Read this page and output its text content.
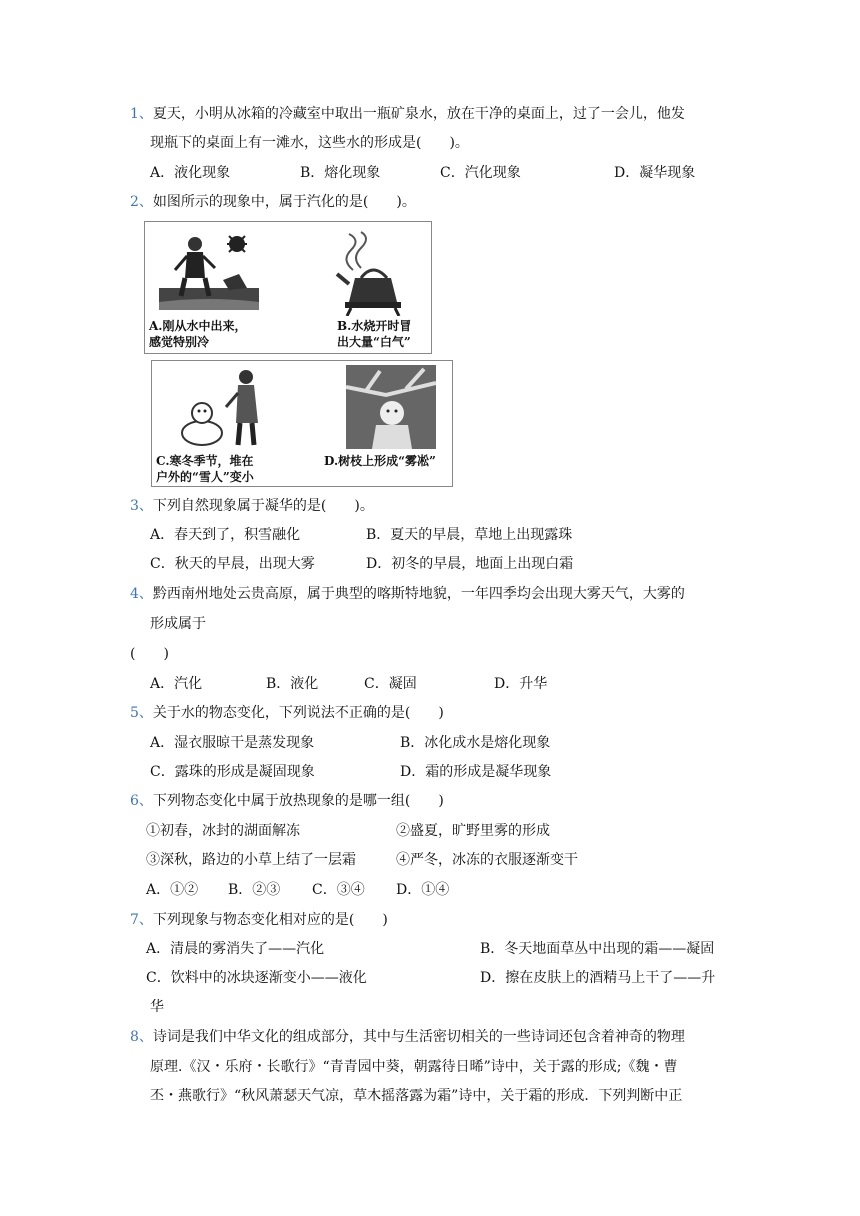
1、夏天，小明从冰箱的冷藏室中取出一瓶矿泉水，放在干净的桌面上，过了一会儿，他发
现瓶下的桌面上有一滩水，这些水的形成是(　　)。
A．液化现象	B．熔化现象	C．汽化现象	D．凝华现象
2、如图所示的现象中，属于汽化的是(　　)。
A.刚从水中出来，
感觉特别冷
B.水烧开时冒
出大量“白气”
C.寒冬季节，堆在
户外的“雪人”变小
D.树枝上形成“雾凇”
3、下列自然现象属于凝华的是(　　)。
A．春天到了，积雪融化	B．夏天的早晨，草地上出现露珠
C．秋天的早晨，出现大雾	D．初冬的早晨，地面上出现白霜
4、黔西南州地处云贵高原，属于典型的喀斯特地貌，一年四季均会出现大雾天气，大雾的
形成属于
(　　)
A．汽化	B．液化	C．凝固	D．升华
5、关于水的物态变化，下列说法不正确的是(　　)
A．湿衣服晾干是蒸发现象	B．冰化成水是熔化现象
C．露珠的形成是凝固现象	D．霜的形成是凝华现象
6、下列物态变化中属于放热现象的是哪一组(　　)
①初春，冰封的湖面解冻	②盛夏，旷野里雾的形成
③深秋，路边的小草上结了一层霜	④严冬，冰冻的衣服逐渐变干
A．①② B．②③ C．③④ D．①④
7、下列现象与物态变化相对应的是(　　)
A．清晨的雾消失了——汽化	B．冬天地面草丛中出现的霜——凝固
C．饮料中的冰块逐渐变小——液化	D．擦在皮肤上的酒精马上干了——升
华
8、诗词是我们中华文化的组成部分，其中与生活密切相关的一些诗词还包含着神奇的物理
原理.《汉・乐府・长歌行》“青青园中葵，朝露待日晞”诗中，关于露的形成;《魏・曹
丕・燕歌行》“秋风萧瑟天气凉，草木摇落露为霜”诗中，关于霜的形成．下列判断中正
